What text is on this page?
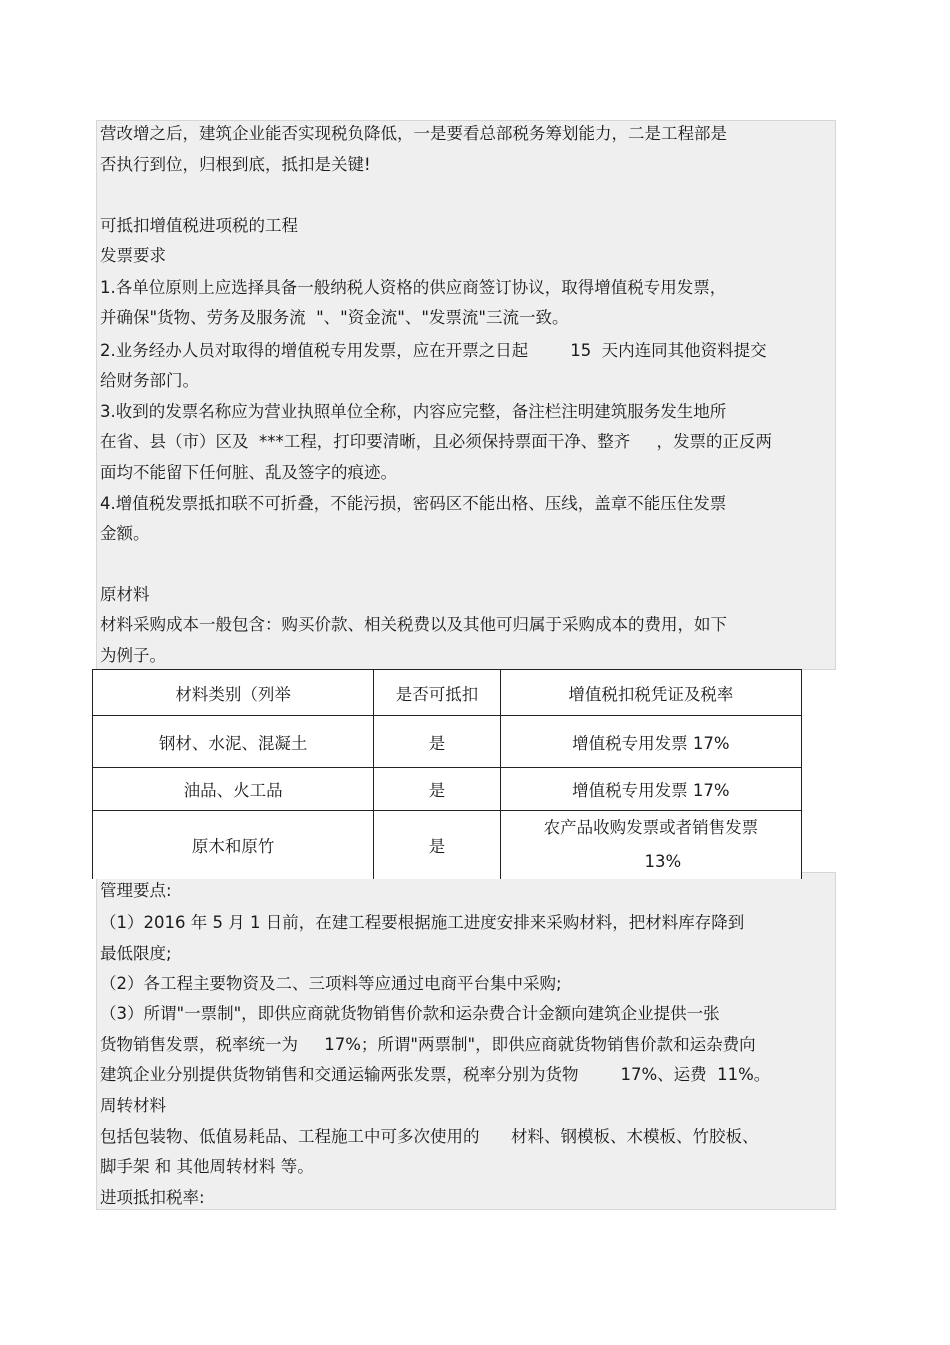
营改增之后，建筑企业能否实现税负降低，一是要看总部税务筹划能力，二是工程部是
否执行到位，归根到底，抵扣是关键!
可抵扣增值税进项税的工程
发票要求
1.各单位原则上应选择具备一般纳税人资格的供应商签订协议，取得增值税专用发票，
并确保"货物、劳务及服务流  "、"资金流"、"发票流"三流一致。
2.业务经办人员对取得的增值税专用发票，应在开票之日起        15  天内连同其他资料提交
给财务部门。
3.收到的发票名称应为营业执照单位全称，内容应完整，备注栏注明建筑服务发生地所
在省、县（市）区及  ***工程，打印要清晰，且必须保持票面干净、整齐     ，发票的正反两
面均不能留下任何脏、乱及签字的痕迹。
4.增值税发票抵扣联不可折叠，不能污损，密码区不能出格、压线，盖章不能压住发票
金额。
原材料
材料采购成本一般包含：购买价款、相关税费以及其他可归属于采购成本的费用，如下
为例子。
材料类别（列举	是否可抵扣	增值税扣税凭证及税率
钢材、水泥、混凝土	是	增值税专用发票 17%
油品、火工品	是	增值税专用发票 17%
原木和原竹	是	农产品收购发票或者销售发票
13%
管理要点:
（1）2016 年 5 月 1 日前，在建工程要根据施工进度安排来采购材料，把材料库存降到
最低限度;
（2）各工程主要物资及二、三项料等应通过电商平台集中采购;
（3）所谓"一票制"，即供应商就货物销售价款和运杂费合计金额向建筑企业提供一张
货物销售发票，税率统一为     17%；所谓"两票制"，即供应商就货物销售价款和运杂费向
建筑企业分别提供货物销售和交通运输两张发票，税率分别为货物        17%、运费  11%。
周转材料
包括包装物、低值易耗品、工程施工中可多次使用的      材料、钢模板、木模板、竹胶板、
脚手架 和 其他周转材料 等。
进项抵扣税率:
